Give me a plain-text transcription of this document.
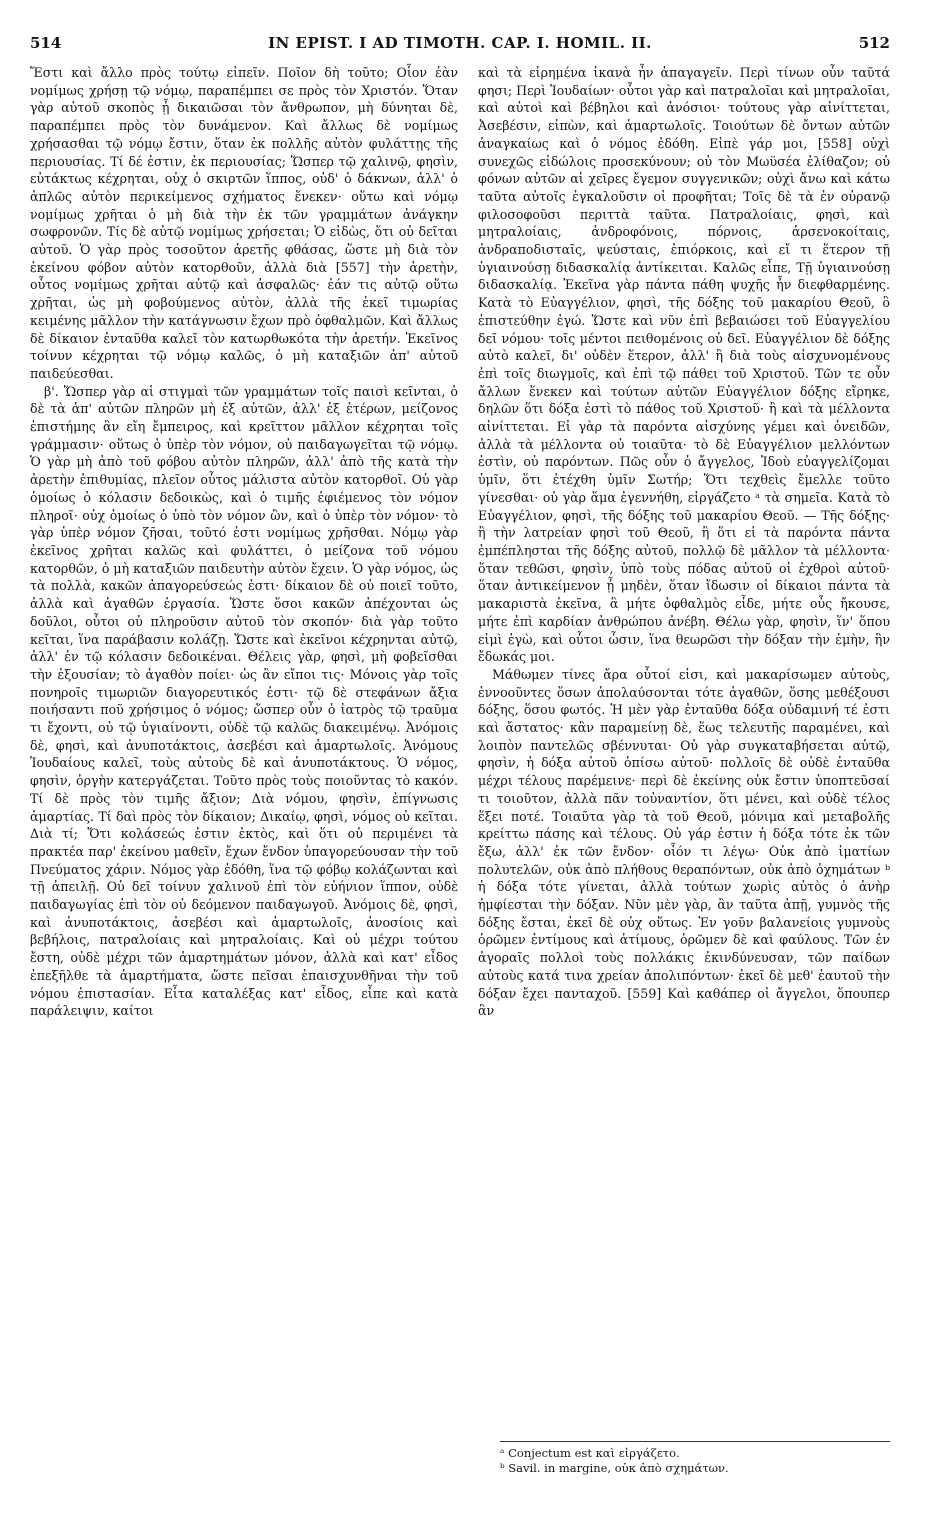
514	IN EPIST. I AD TIMOTH. CAP. I. HOMIL. II.	512

Ἔστι καὶ ἄλλο πρὸς τούτῳ εἰπεῖν. Ποῖον δὴ τοῦτο; Οἷον ἐὰν νομίμως χρήσῃ τῷ νόμῳ, παραπέμπει σε πρὸς τὸν Χριστόν. Ὅταν γὰρ αὐτοῦ σκοπὸς ᾖ δικαιῶσαι τὸν ἄνθρωπον, μὴ δύνηται δὲ, παραπέμπει πρὸς τὸν δυνάμενον. Καὶ ἄλλως δὲ νομίμως χρήσασθαι τῷ νόμῳ ἔστιν, ὅταν ἐκ πολλῆς αὐτὸν φυλάττῃς τῆς περιουσίας. Τί δέ ἐστιν, ἐκ περιουσίας; Ὥσπερ τῷ χαλινῷ, φησὶν, εὐτάκτως κέχρηται, οὐχ ὁ σκιρτῶν ἵππος, οὐδ' ὁ δάκνων, ἀλλ' ὁ ἁπλῶς αὐτὸν περικείμενος σχήματος ἕνεκεν· οὕτω καὶ νόμῳ νομίμως χρῆται ὁ μὴ διὰ τὴν ἐκ τῶν γραμμάτων ἀνάγκην σωφρονῶν. Τίς δὲ αὐτῷ νομίμως χρήσεται; Ὁ εἰδὼς, ὅτι οὐ δεῖται αὐτοῦ. Ὁ γὰρ πρὸς τοσοῦτον ἀρετῆς φθάσας, ὥστε μὴ διὰ τὸν ἐκείνου φόβον αὐτὸν κατορθοῦν, ἀλλὰ διὰ [557] τὴν ἀρετὴν, οὗτος νομίμως χρῆται αὐτῷ καὶ ἀσφαλῶς· ἐάν τις αὐτῷ οὕτω χρῆται, ὡς μὴ φοβούμενος αὐτὸν, ἀλλὰ τῆς ἐκεῖ τιμωρίας κειμένης μᾶλλον τὴν κατάγνωσιν ἔχων πρὸ ὀφθαλμῶν. Καὶ ἄλλως δὲ δίκαιον ἐνταῦθα καλεῖ τὸν κατωρθωκότα τὴν ἀρετήν. Ἐκεῖνος τοίνυν κέχρηται τῷ νόμῳ καλῶς, ὁ μὴ καταξιῶν ἀπ' αὐτοῦ παιδεύεσθαι.

β'. Ὥσπερ γὰρ αἱ στιγμαὶ τῶν γραμμάτων τοῖς παισὶ κεῖνται, ὁ δὲ τὰ ἀπ' αὐτῶν πληρῶν μὴ ἐξ αὐτῶν, ἀλλ' ἐξ ἑτέρων, μείζονος ἐπιστήμης ἂν εἴη ἔμπειρος, καὶ κρεῖττον μᾶλλον κέχρηται τοῖς γράμμασιν· οὕτως ὁ ὑπὲρ τὸν νόμον, οὐ παιδαγωγεῖται τῷ νόμῳ. Ὁ γὰρ μὴ ἀπὸ τοῦ φόβου αὐτὸν πληρῶν, ἀλλ' ἀπὸ τῆς κατὰ τὴν ἀρετὴν ἐπιθυμίας, πλεῖον οὗτος μάλιστα αὐτὸν κατορθοῖ. Οὐ γὰρ ὁμοίως ὁ κόλασιν δεδοικὼς, καὶ ὁ τιμῆς ἐφιέμενος τὸν νόμον πληροῖ· οὐχ ὁμοίως ὁ ὑπὸ τὸν νόμον ὢν, καὶ ὁ ὑπὲρ τὸν νόμον· τὸ γὰρ ὑπὲρ νόμον ζῆσαι, τοῦτό ἐστι νομίμως χρῆσθαι. Νόμῳ γὰρ ἐκεῖνος χρῆται καλῶς καὶ φυλάττει, ὁ μείζονα τοῦ νόμου κατορθῶν, ὁ μὴ καταξιῶν παιδευτὴν αὐτὸν ἔχειν. Ὁ γὰρ νόμος, ὡς τὰ πολλὰ, κακῶν ἀπαγορεύσεώς ἐστι· δίκαιον δὲ οὐ ποιεῖ τοῦτο, ἀλλὰ καὶ ἀγαθῶν ἐργασία. Ὥστε ὅσοι κακῶν ἀπέχονται ὡς δοῦλοι, οὗτοι οὐ πληροῦσιν αὐτοῦ τὸν σκοπόν· διὰ γὰρ τοῦτο κεῖται, ἵνα παράβασιν κολάζῃ. Ὥστε καὶ ἐκεῖνοι κέχρηνται αὐτῷ, ἀλλ' ἐν τῷ κόλασιν δεδοικέναι. Θέλεις γὰρ, φησὶ, μὴ φοβεῖσθαι τὴν ἐξουσίαν; τὸ ἀγαθὸν ποίει· ὡς ἂν εἴποι τις· Μόνοις γὰρ τοῖς πονηροῖς τιμωριῶν διαγορευτικός ἐστι· τῷ δὲ στεφάνων ἄξια ποιήσαντι ποῦ χρήσιμος ὁ νόμος; ὥσπερ οὖν ὁ ἰατρὸς τῷ τραῦμα τι ἔχοντι, οὐ τῷ ὑγιαίνοντι, οὐδὲ τῷ καλῶς διακειμένῳ. Ἀνόμοις δὲ, φησὶ, καὶ ἀνυποτάκτοις, ἀσεβέσι καὶ ἁμαρτωλοῖς. Ἀνόμους Ἰουδαίους καλεῖ, τοὺς αὐτοὺς δὲ καὶ ἀνυποτάκτους. Ὁ νόμος, φησὶν, ὀργὴν κατεργάζεται. Τοῦτο πρὸς τοὺς ποιοῦντας τὸ κακόν. Τί δὲ πρὸς τὸν τιμῆς ἄξιον; Διὰ νόμου, φησὶν, ἐπίγνωσις ἁμαρτίας. Τί δαὶ πρὸς τὸν δίκαιον; Δικαίῳ, φησὶ, νόμος οὐ κεῖται. Διὰ τί; Ὅτι κολάσεώς ἐστιν ἐκτὸς, καὶ ὅτι οὐ περιμένει τὰ πρακτέα παρ' ἐκείνου μαθεῖν, ἔχων ἔνδον ὑπαγορεύουσαν τὴν τοῦ Πνεύματος χάριν. Νόμος γὰρ ἐδόθη, ἵνα τῷ φόβῳ κολάζωνται καὶ τῇ ἀπειλῇ. Οὐ δεῖ τοίνυν χαλινοῦ ἐπὶ τὸν εὐήνιον ἵππον, οὐδὲ παιδαγωγίας ἐπὶ τὸν οὐ δεόμενον παιδαγωγοῦ. Ἀνόμοις δὲ, φησὶ, καὶ ἀνυποτάκτοις, ἀσεβέσι καὶ ἁμαρτωλοῖς, ἀνοσίοις καὶ βεβήλοις, πατραλοίαις καὶ μητραλοίαις. Καὶ οὐ μέχρι τούτου ἔστη, οὐδὲ μέχρι τῶν ἁμαρτημάτων μόνον, ἀλλὰ καὶ κατ' εἶδος ἐπεξῆλθε τὰ ἁμαρτήματα, ὥστε πεῖσαι ἐπαισχυνθῆναι τὴν τοῦ νόμου ἐπιστασίαν. Εἶτα καταλέξας κατ' εἶδος, εἶπε καὶ κατὰ παράλειψιν, καίτοι

καὶ τὰ εἰρημένα ἱκανὰ ἦν ἀπαγαγεῖν. Περὶ τίνων οὖν ταῦτά φησι; Περὶ Ἰουδαίων· οὗτοι γὰρ καὶ πατραλοῖαι καὶ μητραλοῖαι, καὶ αὐτοὶ καὶ βέβηλοι καὶ ἀνόσιοι· τούτους γὰρ αἰνίττεται, Ἀσεβέσιν, εἰπὼν, καὶ ἁμαρτωλοῖς. Τοιούτων δὲ ὄντων αὐτῶν ἀναγκαίως καὶ ὁ νόμος ἐδόθη. Εἰπὲ γάρ μοι, [558] οὐχὶ συνεχῶς εἰδώλοις προσεκύνουν; οὐ τὸν Μωϋσέα ἐλίθαζον; οὐ φόνων αὐτῶν αἱ χεῖρες ἔγεμον συγγενικῶν; οὐχὶ ἄνω καὶ κάτω ταῦτα αὐτοῖς ἐγκαλοῦσιν οἱ προφῆται; Τοῖς δὲ τὰ ἐν οὐρανῷ φιλοσοφοῦσι περιττὰ ταῦτα. Πατραλοίαις, φησὶ, καὶ μητραλοίαις, ἀνδροφόνοις, πόρνοις, ἀρσενοκοίταις, ἀνδραποδισταῖς, ψεύσταις, ἐπιόρκοις, καὶ εἴ τι ἕτερον τῇ ὑγιαινούσῃ διδασκαλίᾳ ἀντίκειται. Καλῶς εἶπε, Τῇ ὑγιαινούσῃ διδασκαλίᾳ. Ἐκεῖνα γὰρ πάντα πάθη ψυχῆς ἦν διεφθαρμένης. Κατὰ τὸ Εὐαγγέλιον, φησὶ, τῆς δόξης τοῦ μακαρίου Θεοῦ, ὃ ἐπιστεύθην ἐγώ. Ὥστε καὶ νῦν ἐπὶ βεβαιώσει τοῦ Εὐαγγελίου δεῖ νόμου· τοῖς μέντοι πειθομένοις οὐ δεῖ. Εὐαγγέλιον δὲ δόξης αὐτὸ καλεῖ, δι' οὐδὲν ἕτερον, ἀλλ' ἢ διὰ τοὺς αἰσχυνομένους ἐπὶ τοῖς διωγμοῖς, καὶ ἐπὶ τῷ πάθει τοῦ Χριστοῦ. Τῶν τε οὖν ἄλλων ἕνεκεν καὶ τούτων αὐτῶν Εὐαγγέλιον δόξης εἴρηκε, δηλῶν ὅτι δόξα ἐστὶ τὸ πάθος τοῦ Χριστοῦ· ἢ καὶ τὰ μέλλοντα αἰνίττεται. Εἰ γὰρ τὰ παρόντα αἰσχύνης γέμει καὶ ὀνειδῶν, ἀλλὰ τὰ μέλλοντα οὐ τοιαῦτα· τὸ δὲ Εὐαγγέλιον μελλόντων ἐστὶν, οὐ παρόντων. Πῶς οὖν ὁ ἄγγελος, Ἰδοὺ εὐαγγελίζομαι ὑμῖν, ὅτι ἐτέχθη ὑμῖν Σωτήρ; Ὅτι τεχθεὶς ἔμελλε τοῦτο γίνεσθαι· οὐ γὰρ ἅμα ἐγεννήθη, εἰργάζετο ᵃ τὰ σημεῖα. Κατὰ τὸ Εὐαγγέλιον, φησὶ, τῆς δόξης τοῦ μακαρίου Θεοῦ. — Τῆς δόξης· ἢ τὴν λατρείαν φησὶ τοῦ Θεοῦ, ἢ ὅτι εἰ τὰ παρόντα πάντα ἐμπέπλησται τῆς δόξης αὐτοῦ, πολλῷ δὲ μᾶλλον τὰ μέλλοντα· ὅταν τεθῶσι, φησὶν, ὑπὸ τοὺς πόδας αὐτοῦ οἱ ἐχθροὶ αὐτοῦ· ὅταν ἀντικείμενον ᾖ μηδὲν, ὅταν ἴδωσιν οἱ δίκαιοι πάντα τὰ μακαριστὰ ἐκεῖνα, ἃ μήτε ὀφθαλμὸς εἶδε, μήτε οὖς ἤκουσε, μήτε ἐπὶ καρδίαν ἀνθρώπου ἀνέβη. Θέλω γὰρ, φησὶν, ἵν' ὅπου εἰμὶ ἐγὼ, καὶ οὗτοι ὦσιν, ἵνα θεωρῶσι τὴν δόξαν τὴν ἐμὴν, ἣν ἔδωκάς μοι.

Μάθωμεν τίνες ἄρα οὗτοί εἰσι, καὶ μακαρίσωμεν αὐτοὺς, ἐννοοῦντες ὅσων ἀπολαύσονται τότε ἀγαθῶν, ὅσης μεθέξουσι δόξης, ὅσου φωτός. Ἡ μὲν γὰρ ἐνταῦθα δόξα οὐδαμινή τέ ἐστι καὶ ἄστατος· κἂν παραμείνῃ δὲ, ἕως τελευτῆς παραμένει, καὶ λοιπὸν παντελῶς σβέννυται· Οὐ γὰρ συγκαταβήσεται αὐτῷ, φησὶν, ἡ δόξα αὐτοῦ ὀπίσω αὐτοῦ· πολλοῖς δὲ οὐδὲ ἐνταῦθα μέχρι τέλους παρέμεινε· περὶ δὲ ἐκείνης οὐκ ἔστιν ὑποπτεῦσαί τι τοιοῦτον, ἀλλὰ πᾶν τοὐναντίον, ὅτι μένει, καὶ οὐδὲ τέλος ἕξει ποτέ. Τοιαῦτα γὰρ τὰ τοῦ Θεοῦ, μόνιμα καὶ μεταβολῆς κρείττω πάσης καὶ τέλους. Οὐ γάρ ἐστιν ἡ δόξα τότε ἐκ τῶν ἔξω, ἀλλ' ἐκ τῶν ἔνδον· οἷόν τι λέγω· Οὐκ ἀπὸ ἱματίων πολυτελῶν, οὐκ ἀπὸ πλήθους θεραπόντων, οὐκ ἀπὸ ὀχημάτων ᵇ ἡ δόξα τότε γίνεται, ἀλλὰ τούτων χωρὶς αὐτὸς ὁ ἀνὴρ ἠμφίεσται τὴν δόξαν. Νῦν μὲν γὰρ, ἂν ταῦτα ἀπῇ, γυμνὸς τῆς δόξης ἔσται, ἐκεῖ δὲ οὐχ οὕτως. Ἐν γοῦν βαλανείοις γυμνοὺς ὁρῶμεν ἐντίμους καὶ ἀτίμους, ὁρῶμεν δὲ καὶ φαύλους. Τῶν ἐν ἀγοραῖς πολλοὶ τοὺς πολλάκις ἐκινδύνευσαν, τῶν παίδων αὐτοὺς κατά τινα χρείαν ἀπολιπόντων· ἐκεῖ δὲ μεθ' ἑαυτοῦ τὴν δόξαν ἔχει πανταχοῦ. [559] Καὶ καθάπερ οἱ ἄγγελοι, ὅπουπερ ἂν

ᵃ Conjectum est καὶ εἰργάζετο.
ᵇ Savil. in margine, οὐκ ἀπὸ σχημάτων.
